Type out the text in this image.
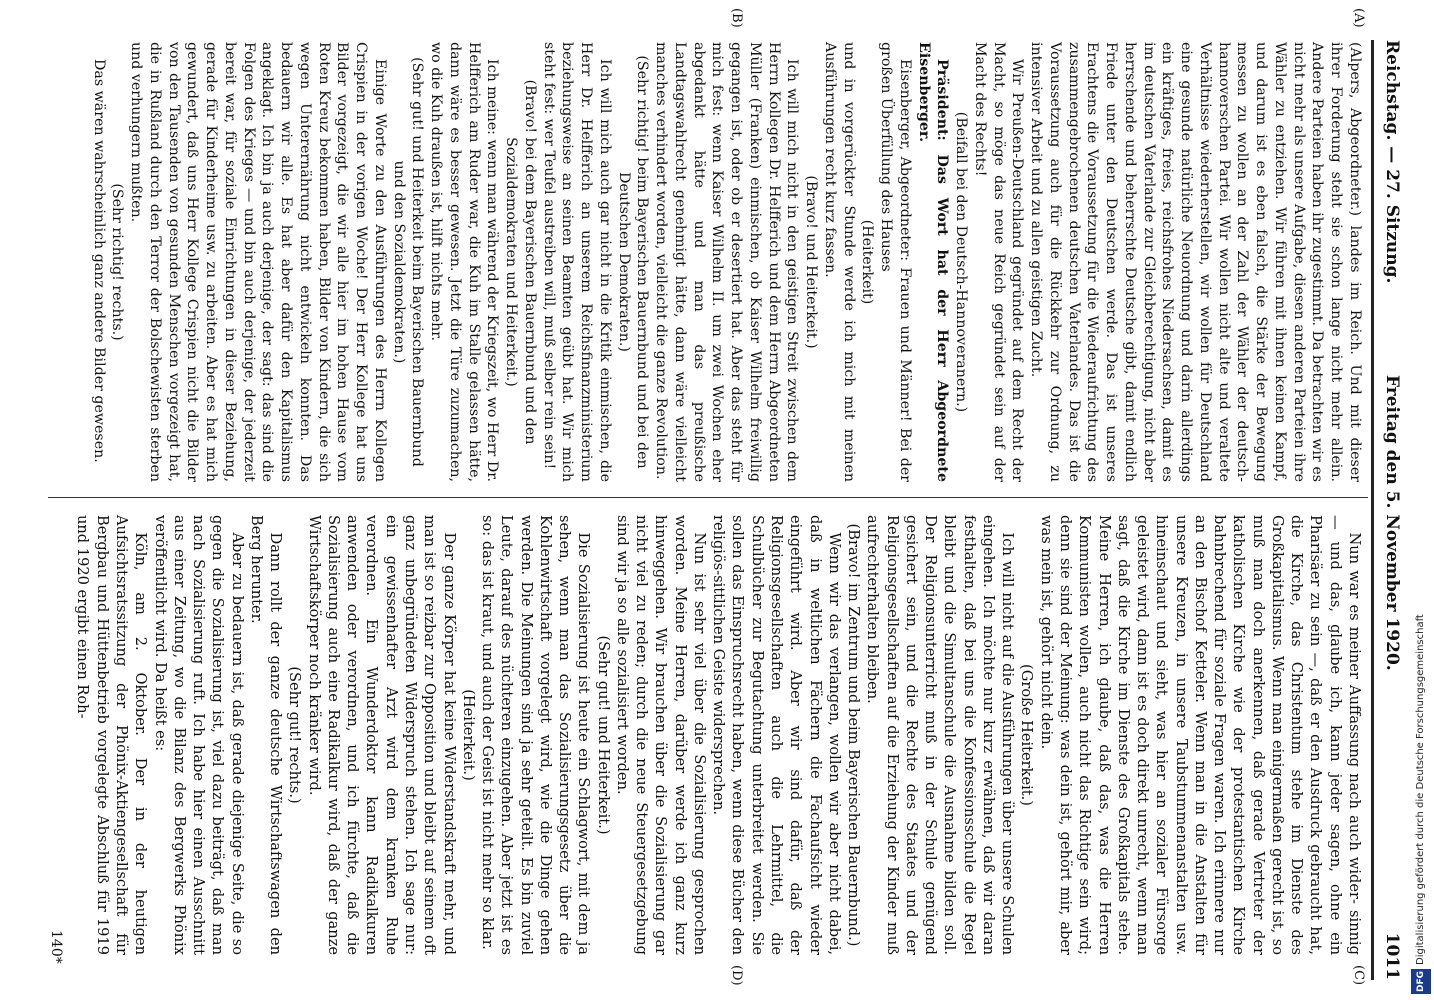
Reichstag. — 27. Sitzung.
Freitag den 5. November 1920.
1011
(A)
(B)
(C)
(D)

(Alpers, Abgeordneter.) landes im Reich. Und mit dieser ihrer Forderung steht sie schon lange nicht mehr allein. Andere Parteien haben ihr zugestimmt. Da betrachten wir es nicht mehr als unsere Aufgabe, diesen anderen Parteien ihre Wähler zu entziehen. Wir führen mit ihnen keinen Kampf, und darum ist es eben falsch, die Stärke der Bewegung messen zu wollen an der Zahl der Wähler der deutsch-hannoverschen Partei. Wir wollen nicht alte und veraltete Verhältnisse wiederherstellen, wir wollen für Deutschland eine gesunde natürliche Neuordnung und darin allerdings ein kräftiges, freies, reichsfrohes Niedersachsen, damit es im deutschen Vaterlande zur Gleichberechtigung, nicht aber herrschende und beherrschte Deutsche gibt, damit endlich Friede unter den Deutschen werde. Das ist unseres Erachtens die Voraussetzung für die Wiederaufrichtung des zusammengebrochenen deutschen Vaterlandes. Das ist die Voraussetzung auch für die Rückkehr zur Ordnung, zu intensiver Arbeit und zu allen geistigen Zucht.

Wir Preußen-Deutschland gegründet auf dem Recht der Macht, so möge das neue Reich gegründet sein auf der Macht des Rechts!

(Beifall bei den Deutsch-Hannoveranern.)

Präsident: Das Wort hat der Herr Abgeordnete Eisenberger.

Eisenberger, Abgeordneter: Frauen und Männer! Bei der großen Überfüllung des Hauses

(Heiterkeit)

und in vorgerückter Stunde werde ich mich mit meinen Ausführungen recht kurz fassen.

(Bravo! und Heiterkeit.)

Ich will mich nicht in den geistigen Streit zwischen dem Herrn Kollegen Dr. Helfferich und dem Herrn Abgeordneten Müller (Franken) einmischen, ob Kaiser Wilhelm freiwillig gegangen ist, oder ob er desertiert hat. Aber das steht für mich fest: wenn Kaiser Wilhelm II. um zwei Wochen eher abgedankt hätte und man das preußische Landtagswahlrecht genehmigt hätte, dann wäre vielleicht manches verhindert worden, vielleicht die ganze Revolution.

(Sehr richtig! beim Bayerischen Bauernbund und bei den Deutschen Demokraten.)

Ich will mich auch gar nicht in die Kritik einmischen, die Herr Dr. Helfferich an unserem Reichsfinanzministerium beziehungsweise an seinen Beamten geübt hat. Wir mich steht fest: wer Teufel austreiben will, muß selber rein sein!

(Bravo! bei dem Bayerischen Bauernbund und den Sozialdemokraten und Heiterkeit.)

Ich meine: wenn man während der Kriegszeit, wo Herr Dr. Helfferich am Ruder war, die Kuh im Stalle gelassen hätte, dann wäre es besser gewesen. Jetzt die Türe zuzumachen, wo die Kuh draußen ist, hilft nichts mehr.

(Sehr gut! und Heiterkeit beim Bayerischen Bauernbund und den Sozialdemokraten.)

Einige Worte zu den Ausführungen des Herrn Kollegen Crispien in der vorigen Woche! Der Herr Kollege hat uns Bilder vorgezeigt, die wir alle hier im hohen Hause vom Roten Kreuz bekommen haben, Bilder von Kindern, die sich wegen Unterernährung nicht entwickeln konnten. Das bedauern wir alle. Es hat aber dafür den Kapitalismus angeklagt. Ich bin ja auch derjenige, der sagt: das sind die Folgen des Krieges — und bin auch derjenige, der jederzeit bereit war, für soziale Einrichtungen in dieser Beziehung, gerade für Kinderheime usw. zu arbeiten. Aber es hat mich gewundert, daß uns Herr Kollege Crispien nicht die Bilder von den Tausenden von gesunden Menschen vorgezeigt hat, die in Rußland durch den Terror der Bolschewisten sterben und verhungern mußten.

(Sehr richtig! rechts.)

Das wären wahrscheinlich ganz andere Bilder gewesen.

Nun war es meiner Auffassung nach auch wider- sinnig — und das, glaube ich, kann jeder sagen, ohne ein Pharisäer zu sein —, daß er den Ausdruck gebraucht hat, die Kirche, das Christentum stehe im Dienste des Großkapitalismus. Wenn man einigermaßen gerecht ist, so muß man doch anerkennen, daß gerade Vertreter der katholischen Kirche wie der protestantischen Kirche bahnbrechend für soziale Fragen waren. Ich erinnere nur an den Bischof Ketteler. Wenn man in die Anstalten für unsere Kreuzen, in unsere Taubstummenanstalten usw. hineinschaut und sieht, was hier an sozialer Fürsorge geleistet wird, dann ist es doch direkt unrecht, wenn man sagt, daß die Kirche im Dienste des Großkapitals stehe. Meine Herren, ich glaube, daß das, was die Herren Kommunisten wollen, auch nicht das Richtige sein wird; denn sie sind der Meinung: was dein ist, gehört mir, aber was mein ist, gehört nicht dein.

(Große Heiterkeit.)

Ich will nicht auf die Ausführungen über unsere Schulen eingehen. Ich möchte nur kurz erwähnen, daß wir daran festhalten, daß bei uns die Konfessionsschule die Regel bleibt und die Simultanschule die Ausnahme bilden soll. Der Religionsunterricht muß in der Schule genügend gesichert sein, und die Rechte des Staates und der Religionsgesellschaften auf die Erziehung der Kinder muß aufrechterhalten bleiben.

(Bravo! im Zentrum und beim Bayerischen Bauernbund.)

Wenn wir das verlangen, wollen wir aber nicht dabei, daß in weltlichen Fächern die Fachaufsicht wieder eingeführt wird. Aber wir sind dafür, daß der Religionsgesellschaften auch die Lehrmittel, die Schulbücher zur Begutachtung unterbreitet werden. Sie sollen das Einspruchsrecht haben, wenn diese Bücher den religiös-sittlichen Geiste widersprechen.

Nun ist sehr viel über die Sozialisierung gesprochen worden. Meine Herren, darüber werde ich ganz kurz hinweggehen. Wir brauchen über die Sozialisierung gar nicht viel zu reden; durch die neue Steuergesetzgebung sind wir ja so alle sozialisiert worden.

(Sehr gut! und Heiterkeit.)

Die Sozialisierung ist heute ein Schlagwort, mit dem ja sehen, wenn man das Sozialisierungsgesetz über die Kohlenwirtschaft vorgelegt wird, wie die Dinge gehen werden. Die Meinungen sind ja sehr geteilt. Es bin zuviel Leute, darauf des nüchteren einzugehen. Aber jetzt ist es so: das ist kraut, und auch der Geist ist nicht mehr so klar.

(Heiterkeit.)

Der ganze Körper hat keine Widerstandskraft mehr, und man ist so reizbar zur Opposition und bleibt auf seinem oft ganz unbegründeten Widerspruch stehen. Ich sage nur: ein gewissenhafter Arzt wird dem kranken Ruhe verordnen. Ein Wunderdoktor kann Radikalkuren anwenden oder verordnen, und ich fürchte, daß die Sozialisierung auch eine Radikalkur wird, daß der ganze Wirtschaftskörper noch kränker wird.

(Sehr gut! rechts.)

Dann rollt der ganze deutsche Wirtschaftswagen den Berg herunter.

Aber zu bedauern ist, daß gerade diejenige Seite, die so gegen die Sozialisierung ist, viel dazu beiträgt, daß man nach Sozialisierung ruft. Ich habe hier einen Ausschnitt aus einer Zeitung, wo die Bilanz des Bergwerks Phönix veröffentlicht wird. Da heißt es:

Köln, am 2. Oktober. Der in der heutigen Aufsichtsratssitzung der Phönix-Aktiengesellschaft für Bergbau und Hüttenbetrieb vorgelegte Abschluß für 1919 und 1920 ergibt einen Roh-

140*
DFGDigitalisierung gefördert durch die Deutsche Forschungsgemeinschaft
